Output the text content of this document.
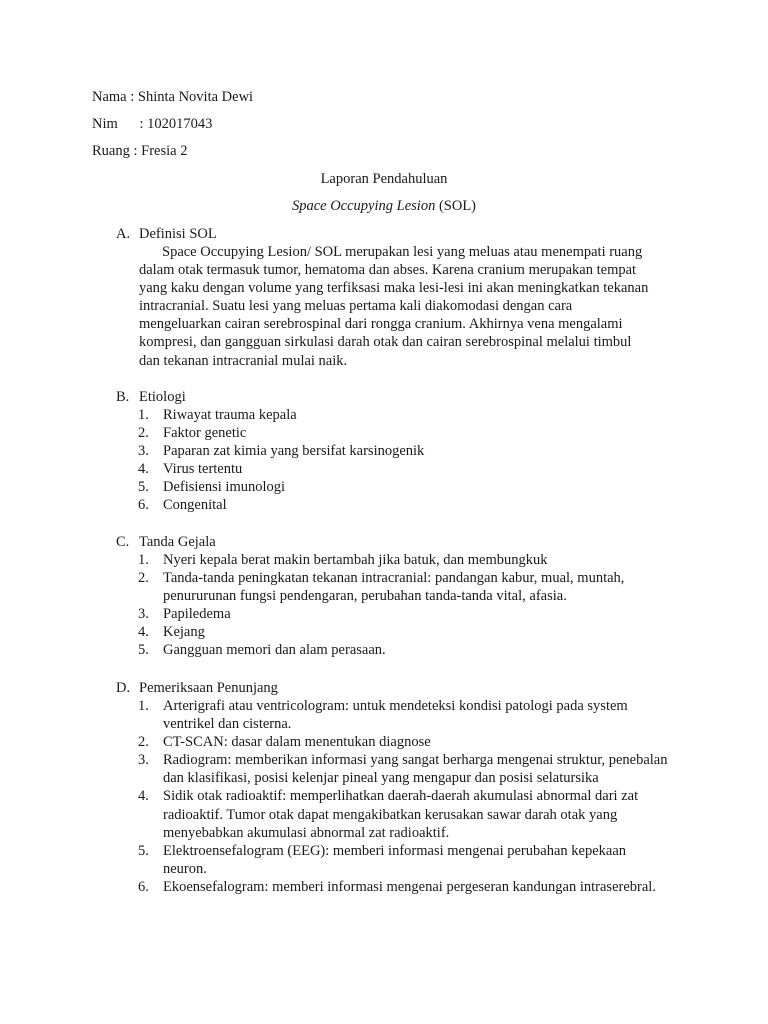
Nama : Shinta Novita Dewi
Nim      : 102017043
Ruang : Fresia 2
Laporan Pendahuluan
Space Occupying Lesion (SOL)
A. Definisi SOL
Space Occupying Lesion/ SOL merupakan lesi yang meluas atau menempati ruang dalam otak termasuk tumor, hematoma dan abses. Karena cranium merupakan tempat yang kaku dengan volume yang terfiksasi maka lesi-lesi ini akan meningkatkan tekanan intracranial. Suatu lesi yang meluas pertama kali diakomodasi dengan cara mengeluarkan cairan serebrospinal dari rongga cranium. Akhirnya vena mengalami kompresi, dan gangguan sirkulasi darah otak dan cairan serebrospinal melalui timbul dan tekanan intracranial mulai naik.
B. Etiologi
1. Riwayat trauma kepala
2. Faktor genetic
3. Paparan zat kimia yang bersifat karsinogenik
4. Virus tertentu
5. Defisiensi imunologi
6. Congenital
C. Tanda Gejala
1. Nyeri kepala berat makin bertambah jika batuk, dan membungkuk
2. Tanda-tanda peningkatan tekanan intracranial: pandangan kabur, mual, muntah, penururunan fungsi pendengaran, perubahan tanda-tanda vital, afasia.
3. Papiledema
4. Kejang
5. Gangguan memori dan alam perasaan.
D. Pemeriksaan Penunjang
1. Arterigrafi atau ventricologram: untuk mendeteksi kondisi patologi pada system ventrikel dan cisterna.
2. CT-SCAN: dasar dalam menentukan diagnose
3. Radiogram: memberikan informasi yang sangat berharga mengenai struktur, penebalan dan klasifikasi, posisi kelenjar pineal yang mengapur dan posisi selatursika
4. Sidik otak radioaktif: memperlihatkan daerah-daerah akumulasi abnormal dari zat radioaktif. Tumor otak dapat mengakibatkan kerusakan sawar darah otak yang menyebabkan akumulasi abnormal zat radioaktif.
5. Elektroensefalogram (EEG): memberi informasi mengenai perubahan kepekaan neuron.
6. Ekoensefalogram: memberi informasi mengenai pergeseran kandungan intraserebral.
